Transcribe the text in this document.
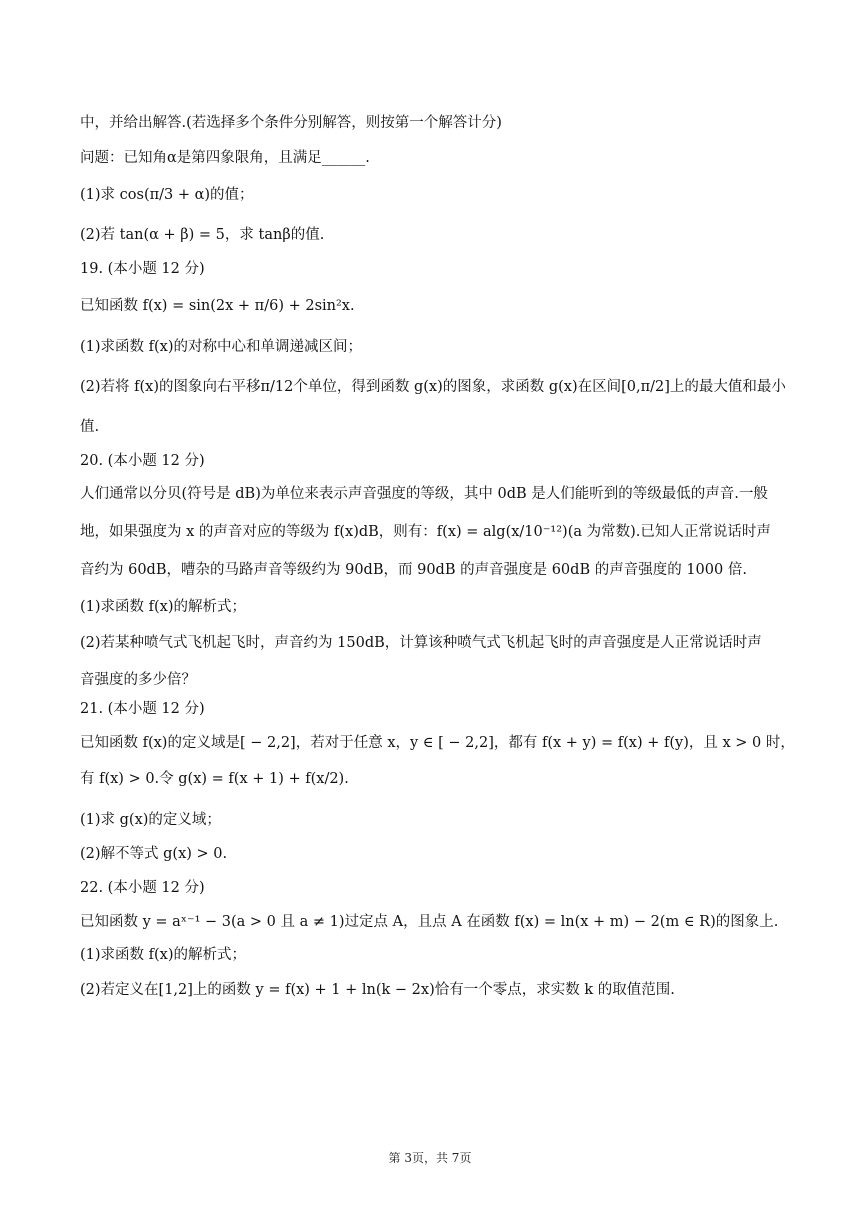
中，并给出解答.(若选择多个条件分别解答，则按第一个解答计分)
问题：已知角α是第四象限角，且满足______.
(1)求 cos(π/3 + α)的值；
(2)若 tan(α + β) = 5，求 tanβ的值.
19. (本小题 12 分)
已知函数 f(x) = sin(2x + π/6) + 2sin²x.
(1)求函数 f(x)的对称中心和单调递减区间；
(2)若将 f(x)的图象向右平移π/12个单位，得到函数 g(x)的图象，求函数 g(x)在区间[0,π/2]上的最大值和最小
值.
20. (本小题 12 分)
人们通常以分贝(符号是 dB)为单位来表示声音强度的等级，其中 0dB 是人们能听到的等级最低的声音.一般
地，如果强度为 x 的声音对应的等级为 f(x)dB，则有：f(x) = alg(x/10⁻¹²)(a 为常数).已知人正常说话时声
音约为 60dB，嘈杂的马路声音等级约为 90dB，而 90dB 的声音强度是 60dB 的声音强度的 1000 倍.
(1)求函数 f(x)的解析式；
(2)若某种喷气式飞机起飞时，声音约为 150dB，计算该种喷气式飞机起飞时的声音强度是人正常说话时声
音强度的多少倍？
21. (本小题 12 分)
已知函数 f(x)的定义域是[ − 2,2]，若对于任意 x，y ∈ [ − 2,2]，都有 f(x + y) = f(x) + f(y)，且 x > 0 时，
有 f(x) > 0.令 g(x) = f(x + 1) + f(x/2).
(1)求 g(x)的定义域；
(2)解不等式 g(x) > 0.
22. (本小题 12 分)
已知函数 y = aˣ⁻¹ − 3(a > 0 且 a ≠ 1)过定点 A，且点 A 在函数 f(x) = ln(x + m) − 2(m ∈ R)的图象上.
(1)求函数 f(x)的解析式；
(2)若定义在[1,2]上的函数 y = f(x) + 1 + ln(k − 2x)恰有一个零点，求实数 k 的取值范围.
第 3页，共 7页
